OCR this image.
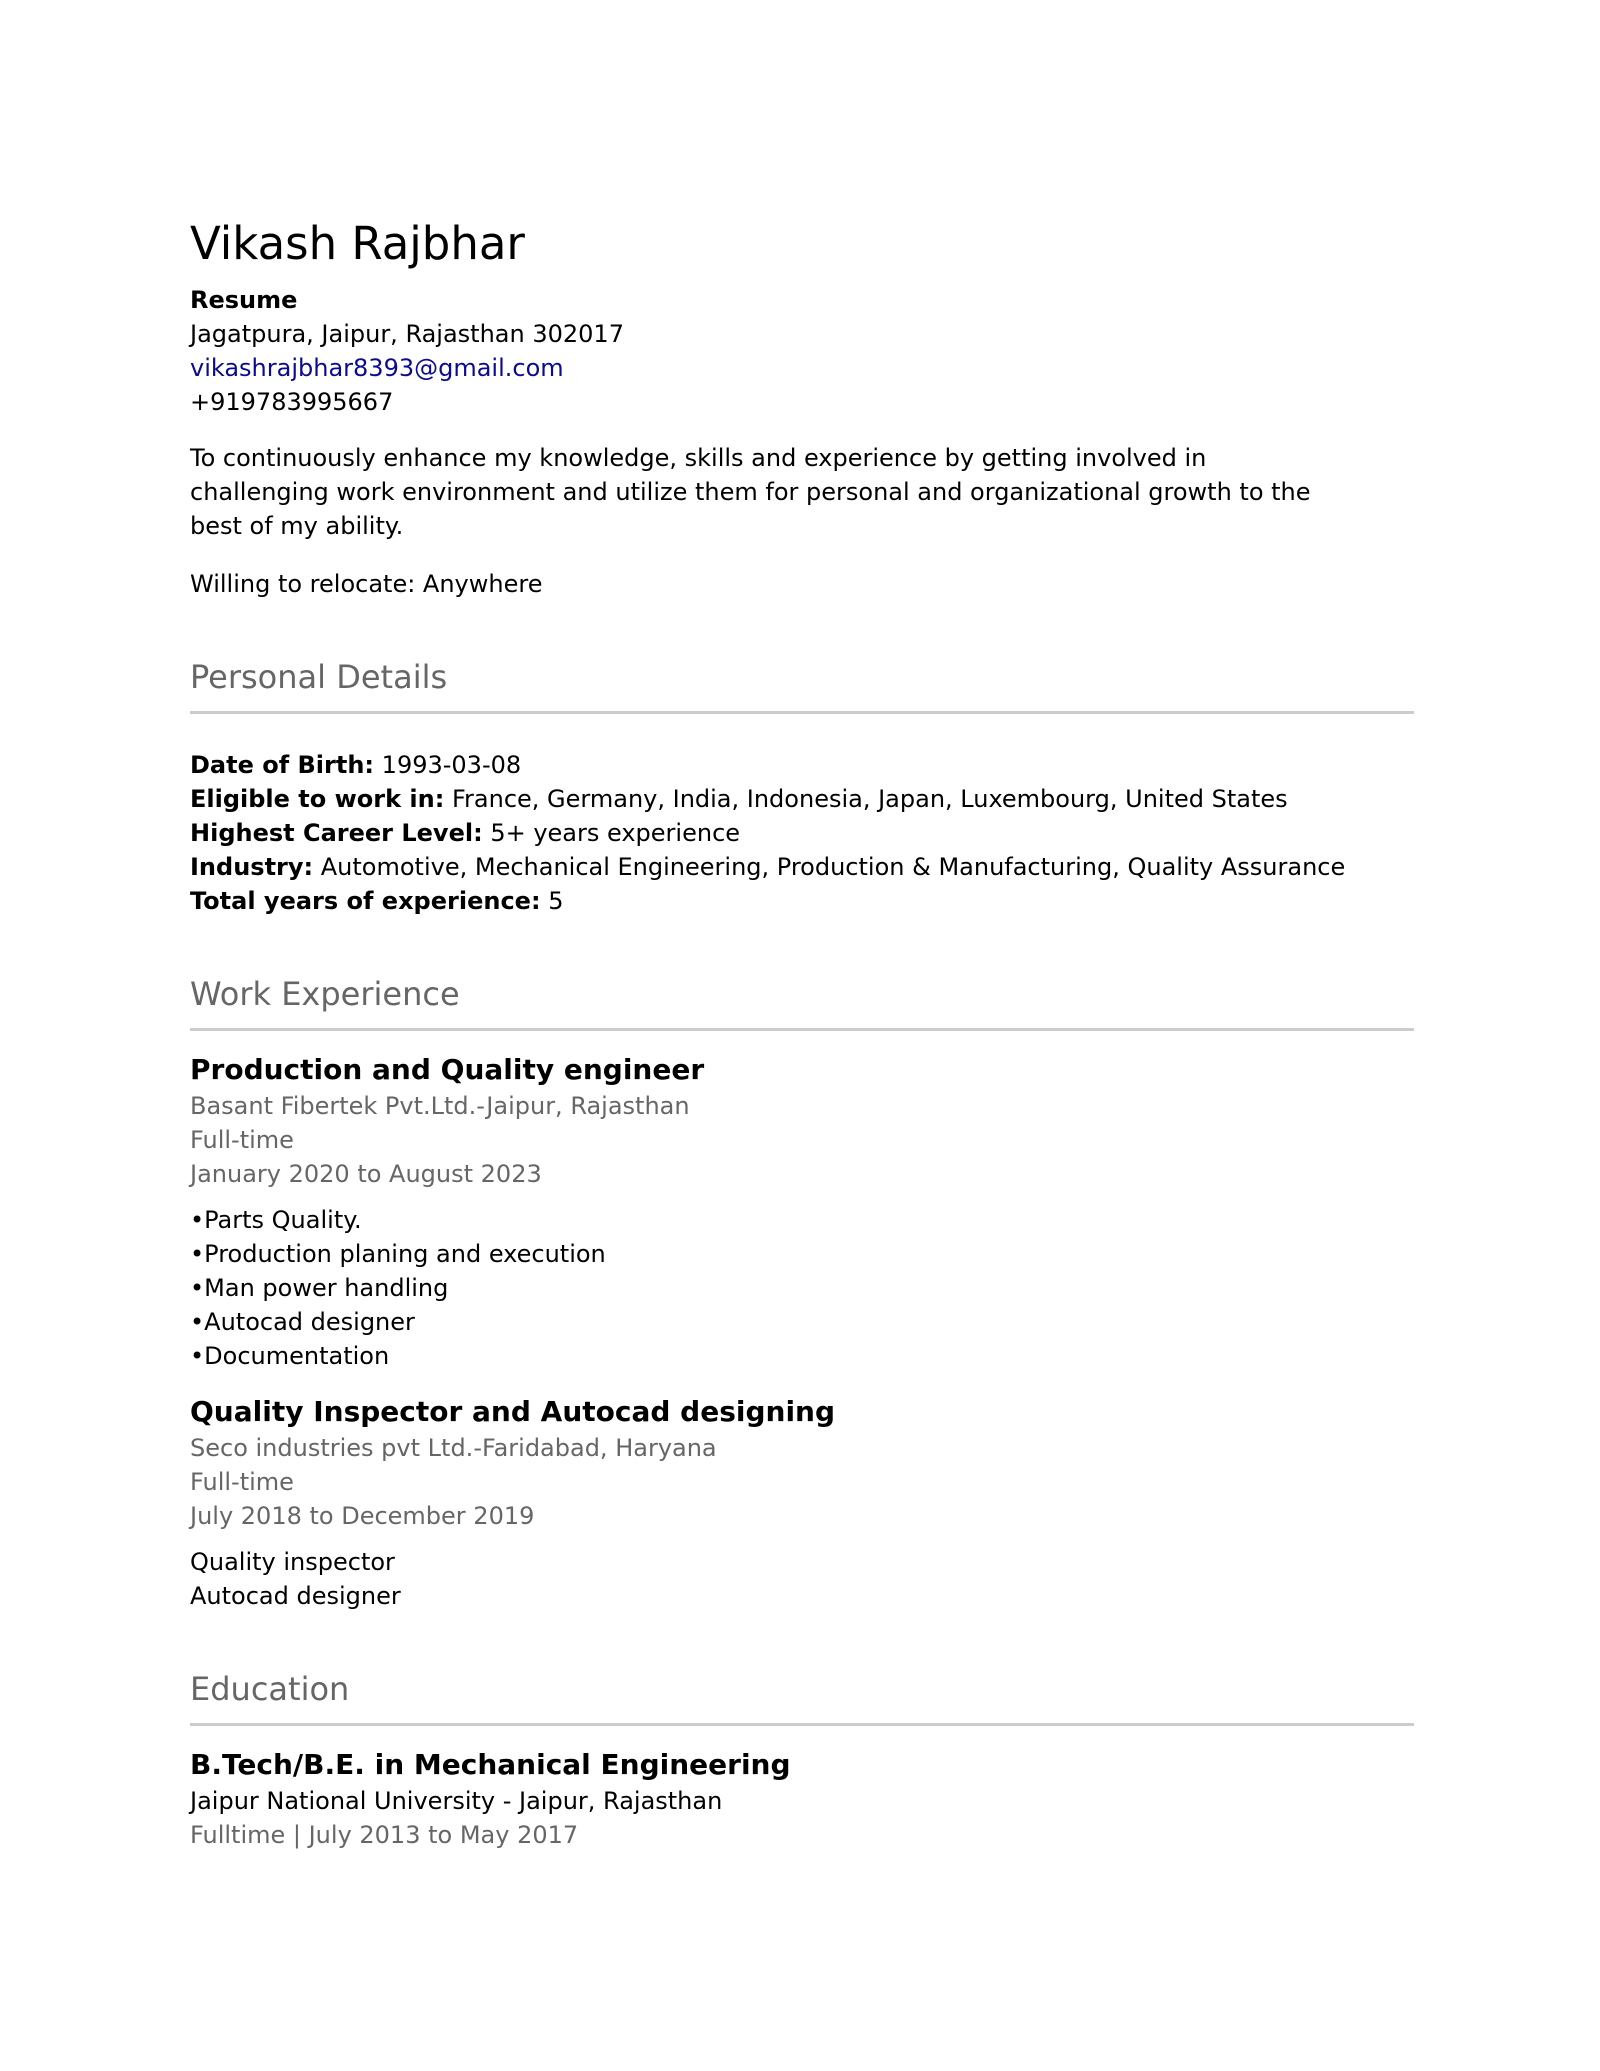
Vikash Rajbhar

Resume

Jagatpura, Jaipur, Rajasthan 302017

vikashrajbhar8393@gmail.com

+919783995667

To continuously enhance my knowledge, skills and experience by getting involved in challenging work environment and utilize them for personal and organizational growth to the best of my ability.

Willing to relocate: Anywhere

Personal Details

Date of Birth: 1993-03-08

Eligible to work in: France, Germany, India, Indonesia, Japan, Luxembourg, United States

Highest Career Level: 5+ years experience

Industry: Automotive, Mechanical Engineering, Production & Manufacturing, Quality Assurance

Total years of experience: 5

Work Experience

Production and Quality engineer

Basant Fibertek Pvt.Ltd.-Jaipur, Rajasthan

Full-time

January 2020 to August 2023

• Parts Quality.
• Production planing and execution
• Man power handling
• Autocad designer
• Documentation

Quality Inspector and Autocad designing

Seco industries pvt Ltd.-Faridabad, Haryana

Full-time

July 2018 to December 2019

Quality inspector

Autocad designer

Education

B.Tech/B.E. in Mechanical Engineering

Jaipur National University - Jaipur, Rajasthan

Fulltime | July 2013 to May 2017
